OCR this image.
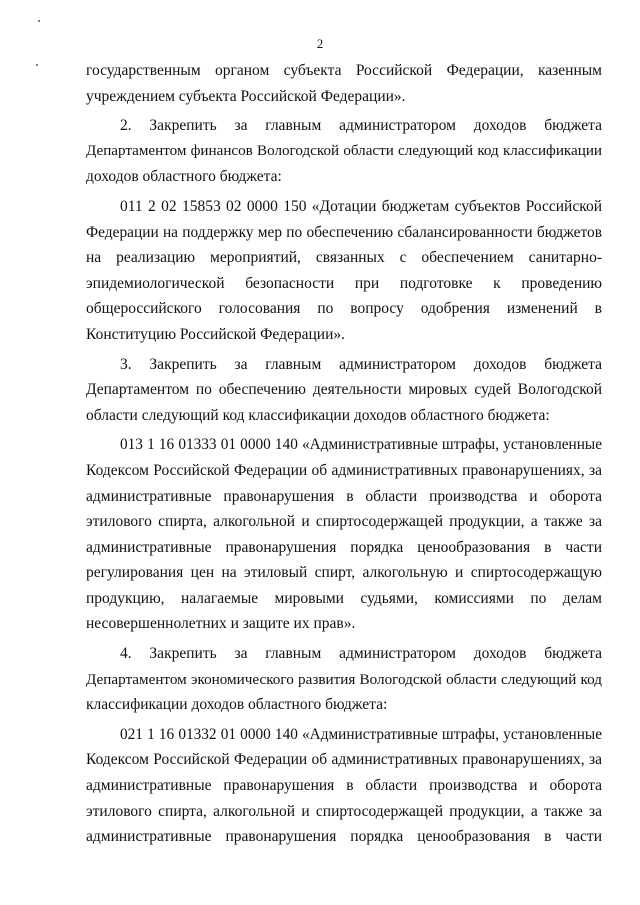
2
государственным органом субъекта Российской Федерации, казенным
учреждением субъекта Российской Федерации».
2. Закрепить за главным администратором доходов бюджета
Департаментом финансов Вологодской области следующий код классификации
доходов областного бюджета:
011 2 02 15853 02 0000 150 «Дотации бюджетам субъектов Российской
Федерации на поддержку мер по обеспечению сбалансированности бюджетов
на реализацию мероприятий, связанных с обеспечением санитарно-
эпидемиологической безопасности при подготовке к проведению
общероссийского голосования по вопросу одобрения изменений в
Конституцию Российской Федерации».
3. Закрепить за главным администратором доходов бюджета
Департаментом по обеспечению деятельности мировых судей Вологодской
области следующий код классификации доходов областного бюджета:
013 1 16 01333 01 0000 140 «Административные штрафы, установленные
Кодексом Российской Федерации об административных правонарушениях, за
административные правонарушения в области производства и оборота
этилового спирта, алкогольной и спиртосодержащей продукции, а также за
административные правонарушения порядка ценообразования в части
регулирования цен на этиловый спирт, алкогольную и спиртосодержащую
продукцию, налагаемые мировыми судьями, комиссиями по делам
несовершеннолетних и защите их прав».
4. Закрепить за главным администратором доходов бюджета
Департаментом экономического развития Вологодской области следующий код
классификации доходов областного бюджета:
021 1 16 01332 01 0000 140 «Административные штрафы, установленные
Кодексом Российской Федерации об административных правонарушениях, за
административные правонарушения в области производства и оборота
этилового спирта, алкогольной и спиртосодержащей продукции, а также за
административные правонарушения порядка ценообразования в части
